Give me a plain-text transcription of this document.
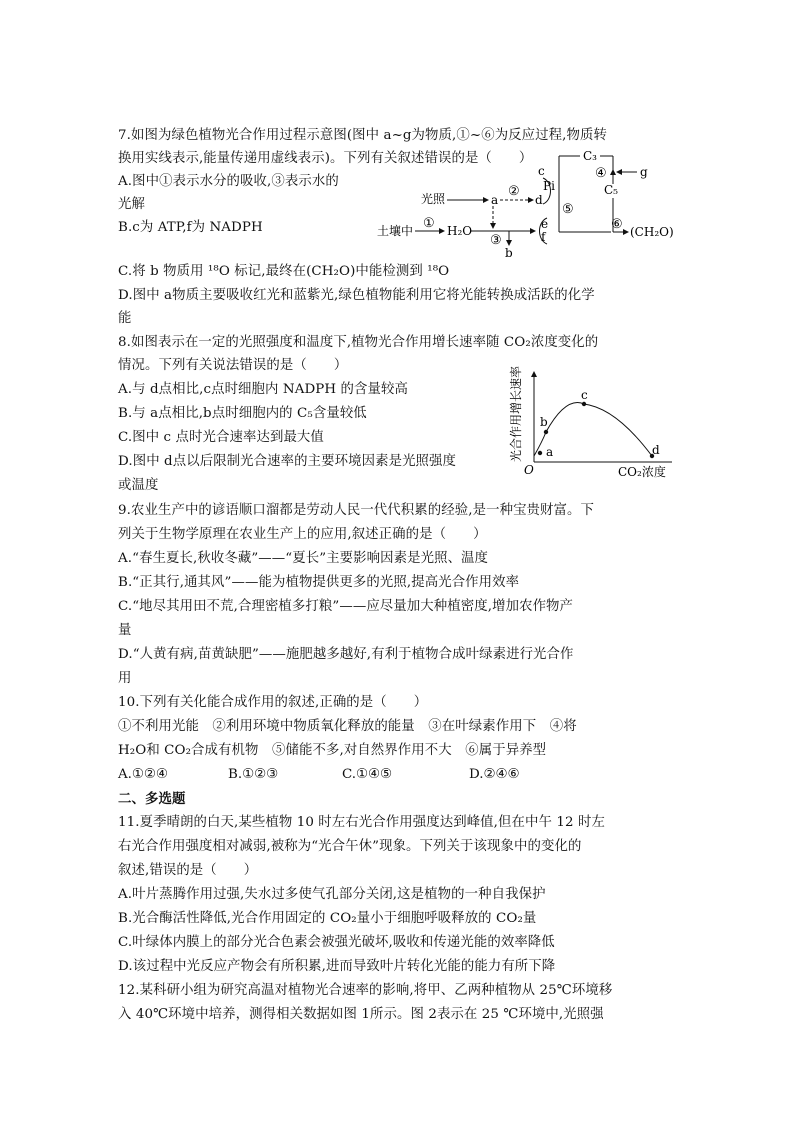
7.如图为绿色植物光合作用过程示意图(图中 a~g为物质,①~⑥为反应过程,物质转
换用实线表示,能量传递用虚线表示)。下列有关叙述错误的是（　　）
A.图中①表示水分的吸收,③表示水的
光解
B.c为 ATP,f为 NADPH
光照	a
②
d
c
Pi
土壤中 ① H₂O
③
b
e
f
⑤
C₃
④	g
C₅
⑥ (CH₂O)
C.将 b 物质用 ¹⁸O 标记,最终在(CH₂O)中能检测到 ¹⁸O
D.图中 a物质主要吸收红光和蓝紫光,绿色植物能利用它将光能转换成活跃的化学
能
8.如图表示在一定的光照强度和温度下,植物光合作用增长速率随 CO₂浓度变化的
情况。下列有关说法错误的是（　　）
A.与 d点相比,c点时细胞内 NADPH 的含量较高
B.与 a点相比,b点时细胞内的 C₅含量较低
C.图中 c 点时光合速率达到最大值
D.图中 d点以后限制光合速率的主要环境因素是光照强度
或温度
光合作用增长速率
O	CO₂浓度
a
b
c
d
9.农业生产中的谚语顺口溜都是劳动人民一代代积累的经验,是一种宝贵财富。下
列关于生物学原理在农业生产上的应用,叙述正确的是（　　）
A.“春生夏长,秋收冬藏”——“夏长”主要影响因素是光照、温度
B.“正其行,通其风”——能为植物提供更多的光照,提高光合作用效率
C.“地尽其用田不荒,合理密植多打粮”——应尽量加大种植密度,增加农作物产
量
D.“人黄有病,苗黄缺肥”——施肥越多越好,有利于植物合成叶绿素进行光合作
用
10.下列有关化能合成作用的叙述,正确的是（　　）
①不利用光能　②利用环境中物质氧化释放的能量　③在叶绿素作用下　④将
H₂O和 CO₂合成有机物　⑤储能不多,对自然界作用不大　⑥属于异养型
A.①②④	B.①②③	C.①④⑤	D.②④⑥
二、多选题
11.夏季晴朗的白天,某些植物 10 时左右光合作用强度达到峰值,但在中午 12 时左
右光合作用强度相对减弱,被称为“光合午休”现象。下列关于该现象中的变化的
叙述,错误的是（　　）
A.叶片蒸腾作用过强,失水过多使气孔部分关闭,这是植物的一种自我保护
B.光合酶活性降低,光合作用固定的 CO₂量小于细胞呼吸释放的 CO₂量
C.叶绿体内膜上的部分光合色素会被强光破坏,吸收和传递光能的效率降低
D.该过程中光反应产物会有所积累,进而导致叶片转化光能的能力有所下降
12.某科研小组为研究高温对植物光合速率的影响,将甲、乙两种植物从 25℃环境移
入 40℃环境中培养，测得相关数据如图 1所示。图 2表示在 25 ℃环境中,光照强
